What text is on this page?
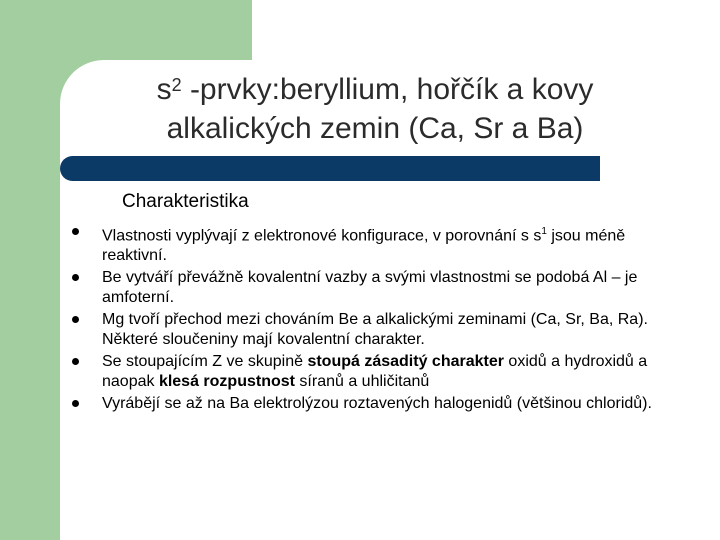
$s^2$ -prvky:beryllium, hořčík a kovy
alkalických zemin (Ca, Sr a Ba)
Charakteristika
Vlastnosti vyplývají z elektronové konfigurace, v porovnání s $s^1$ jsou méně reaktivní.
Be vytváří převážně kovalentní vazby a svými vlastnostmi se podobá Al – je amfoterní.
Mg tvoří přechod mezi chováním Be a alkalickými zeminami (Ca, Sr, Ba, Ra). Některé sloučeniny mají kovalentní charakter.
Se stoupajícím Z ve skupině stoupá zásaditý charakter oxidů a hydroxidů a naopak klesá rozpustnost síranů a uhličitanů
Vyrábějí se až na Ba elektrolýzou roztavených halogenidů (většinou chloridů).
